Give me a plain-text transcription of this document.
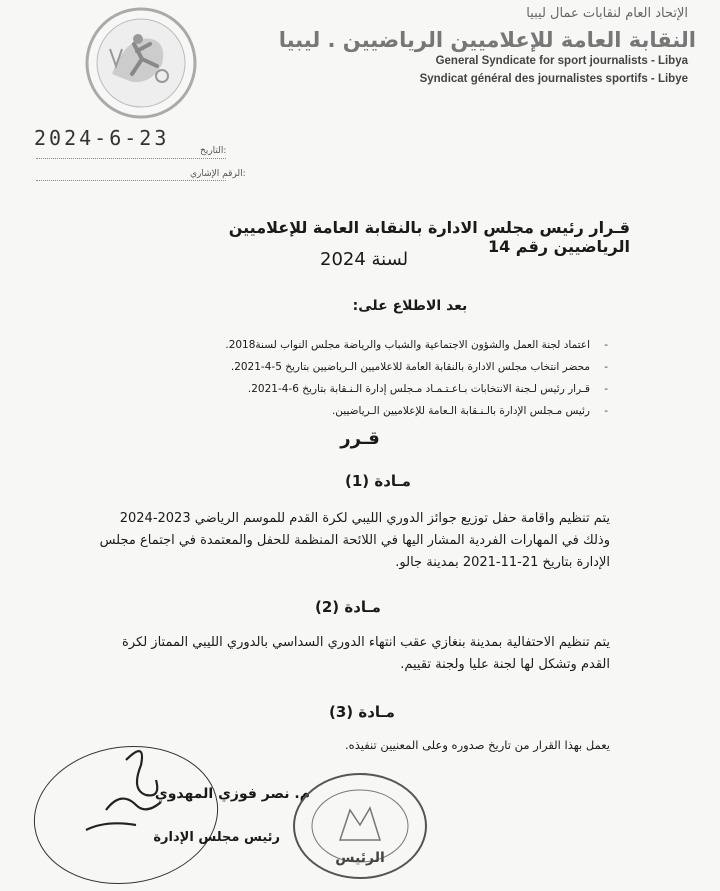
الإتحاد العام لنقابات عمال ليبيا
النقابة العامة للإعلاميين الرياضيين . ليبيا
General Syndicate for sport journalists - Libya
Syndicat général des journalistes sportifs - Libye
2024-6-23
التاريخ:
الرقم الإشاري:
قـرار رئيس مجلس الادارة بالنقابة العامة للإعلاميين الرياضيين رقم 14
لسنة 2024
بعد الاطلاع على:
- اعتماد لجنة العمل والشؤون الاجتماعية والشباب والرياضة مجلس النواب لسنة2018.
- محضر انتخاب مجلس الادارة بالنقابة العامة للاعلاميين الـرياضيين بتاريخ 5-4-2021.
- قـرار رئيس لـجنة الانتخابات بـاعـتـمـاد مـجلس إدارة الـنـقابة بتاريخ 6-4-2021.
- رئيس مـجلس الإدارة بالـنـقابة الـعامة للإعلاميين الـرياضيين.
قـرر
مـادة (1)
يتم تنظيم واقامة حفل توزيع جوائز الدوري الليبي لكرة القدم للموسم الرياضي 2023-2024
وذلك في المهارات الفردية المشار اليها في اللائحة المنظمة للحفل والمعتمدة في اجتماع مجلس
الإدارة بتاريخ 21-11-2021 بمدينة جالو.
مـادة (2)
يتم تنظيم الاحتفالية بمدينة بنغازي عقب انتهاء الدوري السداسي بالدوري الليبي الممتاز لكرة
القدم وتشكل لها لجنة عليا ولجنة تقييم.
مـادة (3)
يعمل بهذا القرار من تاريخ صدوره وعلى المعنيين تنفيذه.
م. نصر فوزي المهدوي
رئيس مجلس الإدارة
الرئيس
